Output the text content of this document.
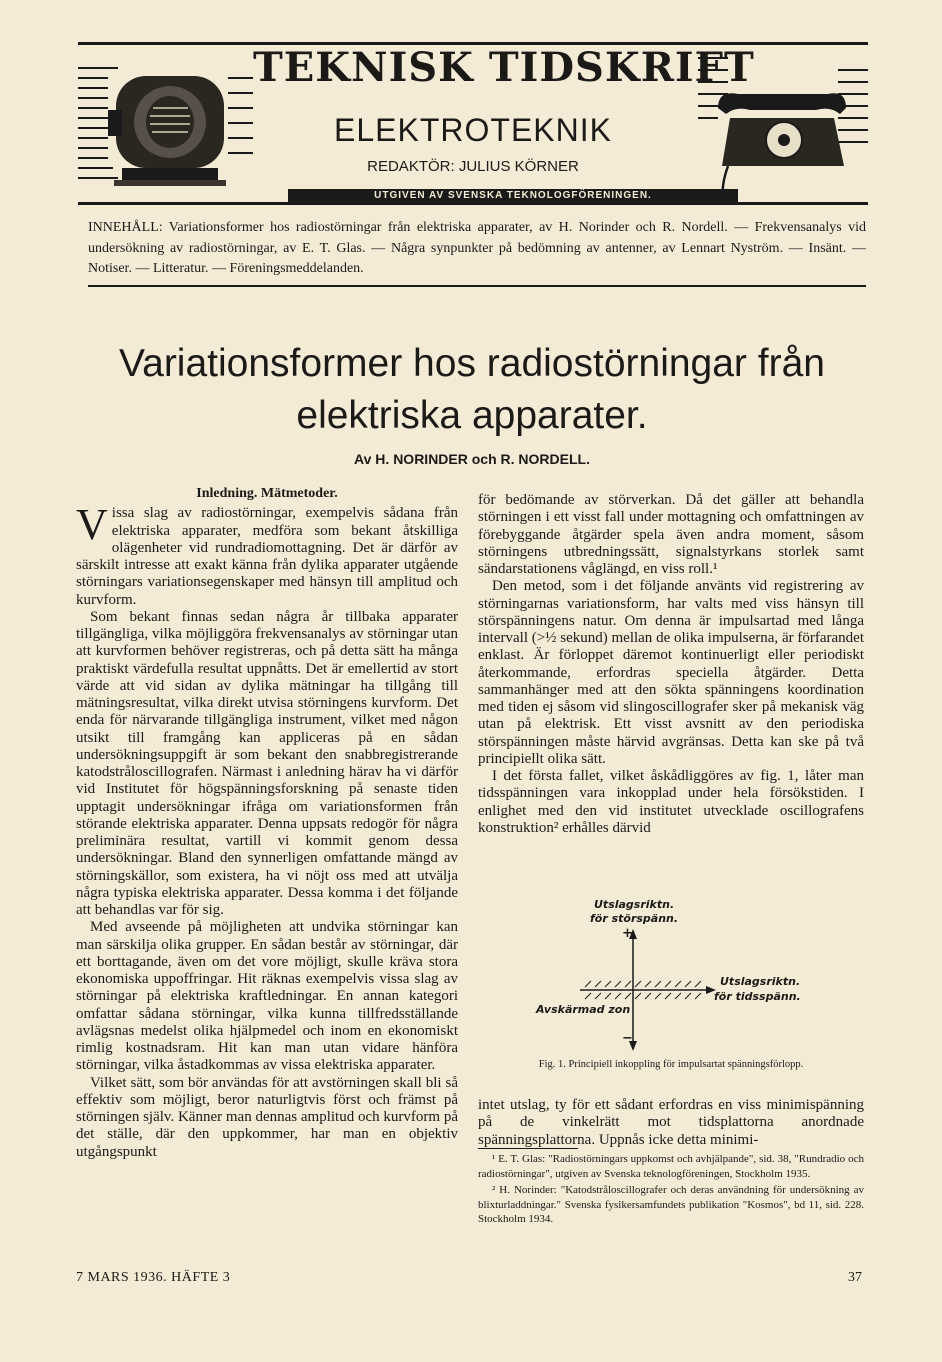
TEKNISK TIDSKRIFT
ELEKTROTEKNIK
REDAKTÖR: JULIUS KÖRNER
UTGIVEN AV SVENSKA TEKNOLOGFÖRENINGEN.
INNEHÅLL: Variationsformer hos radiostörningar från elektriska apparater, av H. Norinder och R. Nordell. — Frekvensanalys vid undersökning av radiostörningar, av E. T. Glas. — Några synpunkter på bedömning av antenner, av Lennart Nyström. — Insänt. — Notiser. — Litteratur. — Föreningsmeddelanden.
Variationsformer hos radiostörningar från
elektriska apparater.
Av H. NORINDER och R. NORDELL.
Inledning. Mätmetoder.

Vissa slag av radiostörningar, exempelvis sådana från elektriska apparater, medföra som bekant åtskilliga olägenheter vid rundradiomottagning. Det är därför av särskilt intresse att exakt känna från dylika apparater utgående störningars variationsegenskaper med hänsyn till amplitud och kurvform.

Som bekant finnas sedan några år tillbaka apparater tillgängliga, vilka möjliggöra frekvensanalys av störningar utan att kurvformen behöver registreras, och på detta sätt ha många praktiskt värdefulla resultat uppnåtts. Det är emellertid av stort värde att vid sidan av dylika mätningar ha tillgång till mätningsresultat, vilka direkt utvisa störningens kurvform. Det enda för närvarande tillgängliga instrument, vilket med någon utsikt till framgång kan appliceras på en sådan undersökningsuppgift är som bekant den snabbregistrerande katodstråloscillografen. Närmast i anledning härav ha vi därför vid Institutet för högspänningsforskning på senaste tiden upptagit undersökningar ifråga om variationsformen från störande elektriska apparater. Denna uppsats redogör för några preliminära resultat, vartill vi kommit genom dessa undersökningar. Bland den synnerligen omfattande mängd av störningskällor, som existera, ha vi nöjt oss med att utvälja några typiska elektriska apparater. Dessa komma i det följande att behandlas var för sig.

Med avseende på möjligheten att undvika störningar kan man särskilja olika grupper. En sådan består av störningar, där ett borttagande, även om det vore möjligt, skulle kräva stora ekonomiska uppoffringar. Hit räknas exempelvis vissa slag av störningar på elektriska kraftledningar. En annan kategori omfattar sådana störningar, vilka kunna tillfredsställande avlägsnas medelst olika hjälpmedel och inom en ekonomiskt rimlig kostnadsram. Hit kan man utan vidare hänföra störningar, vilka åstadkommas av vissa elektriska apparater.

Vilket sätt, som bör användas för att avstörningen skall bli så effektiv som möjligt, beror naturligtvis först och främst på störningen själv. Känner man dennas amplitud och kurvform på det ställe, där den uppkommer, har man en objektiv utgångspunkt

för bedömande av störverkan. Då det gäller att behandla störningen i ett visst fall under mottagning och omfattningen av förebyggande åtgärder spela även andra moment, såsom störningens utbredningssätt, signalstyrkans storlek samt sändarstationens våglängd, en viss roll.¹

Den metod, som i det följande använts vid registrering av störningarnas variationsform, har valts med viss hänsyn till störspänningens natur. Om denna är impulsartad med långa intervall (>½ sekund) mellan de olika impulserna, är förfarandet enklast. Är förloppet däremot kontinuerligt eller periodiskt återkommande, erfordras speciella åtgärder. Detta sammanhänger med att den sökta spänningens koordination med tiden ej såsom vid slingoscillografer sker på mekanisk väg utan på elektrisk. Ett visst avsnitt av den periodiska störspänningen måste härvid avgränsas. Detta kan ske på två principiellt olika sätt.

I det första fallet, vilket åskådliggöres av fig. 1, låter man tidsspänningen vara inkopplad under hela försökstiden. I enlighet med den vid institutet utvecklade oscillografens konstruktion² erhålles därvid

Utslagsriktn.
för störspänn.
+
−
Utslagsriktn.
för tidsspänn.
Avskärmad zon
Fig. 1. Principiell inkoppling för impulsartat spänningsförlopp.

intet utslag, ty för ett sådant erfordras en viss minimispänning på de vinkelrätt mot tidsplattorna anordnade spänningsplattorna. Uppnås icke detta minimi-

¹ E. T. Glas: "Radiostörningars uppkomst och avhjälpande", sid. 38, "Rundradio och radiostörningar", utgiven av Svenska teknologföreningen, Stockholm 1935.

² H. Norinder: "Katodstråloscillografer och deras användning för undersökning av blixturladdningar." Svenska fysikersamfundets publikation "Kosmos", bd 11, sid. 228. Stockholm 1934.

7 MARS 1936. HÄFTE 3	37
